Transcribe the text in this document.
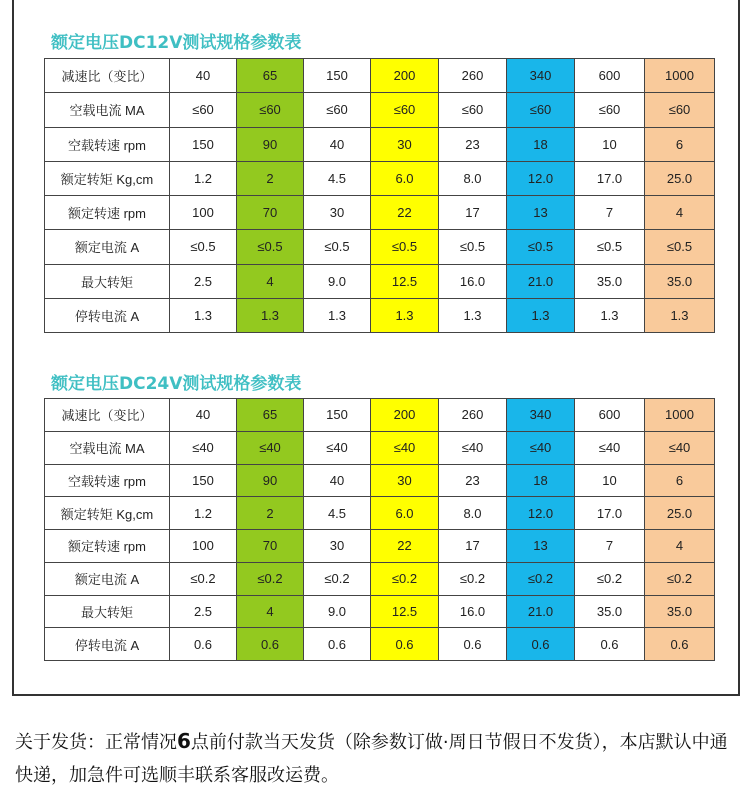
额定电压DC12V测试规格参数表
减速比（变比）	40	65	150	200	260	340	600	1000
空载电流 MA	≤60	≤60	≤60	≤60	≤60	≤60	≤60	≤60
空载转速 rpm	150	90	40	30	23	18	10	6
额定转矩 Kg,cm	1.2	2	4.5	6.0	8.0	12.0	17.0	25.0
额定转速 rpm	100	70	30	22	17	13	7	4
额定电流 A	≤0.5	≤0.5	≤0.5	≤0.5	≤0.5	≤0.5	≤0.5	≤0.5
最大转矩	2.5	4	9.0	12.5	16.0	21.0	35.0	35.0
停转电流 A	1.3	1.3	1.3	1.3	1.3	1.3	1.3	1.3
额定电压DC24V测试规格参数表
减速比（变比）	40	65	150	200	260	340	600	1000
空载电流 MA	≤40	≤40	≤40	≤40	≤40	≤40	≤40	≤40
空载转速 rpm	150	90	40	30	23	18	10	6
额定转矩 Kg,cm	1.2	2	4.5	6.0	8.0	12.0	17.0	25.0
额定转速 rpm	100	70	30	22	17	13	7	4
额定电流 A	≤0.2	≤0.2	≤0.2	≤0.2	≤0.2	≤0.2	≤0.2	≤0.2
最大转矩	2.5	4	9.0	12.5	16.0	21.0	35.0	35.0
停转电流 A	0.6	0.6	0.6	0.6	0.6	0.6	0.6	0.6
关于发货：正常情况6点前付款当天发货（除参数订做·周日节假日不发货），本店默认中通快递，加急件可选顺丰联系客服改运费。
